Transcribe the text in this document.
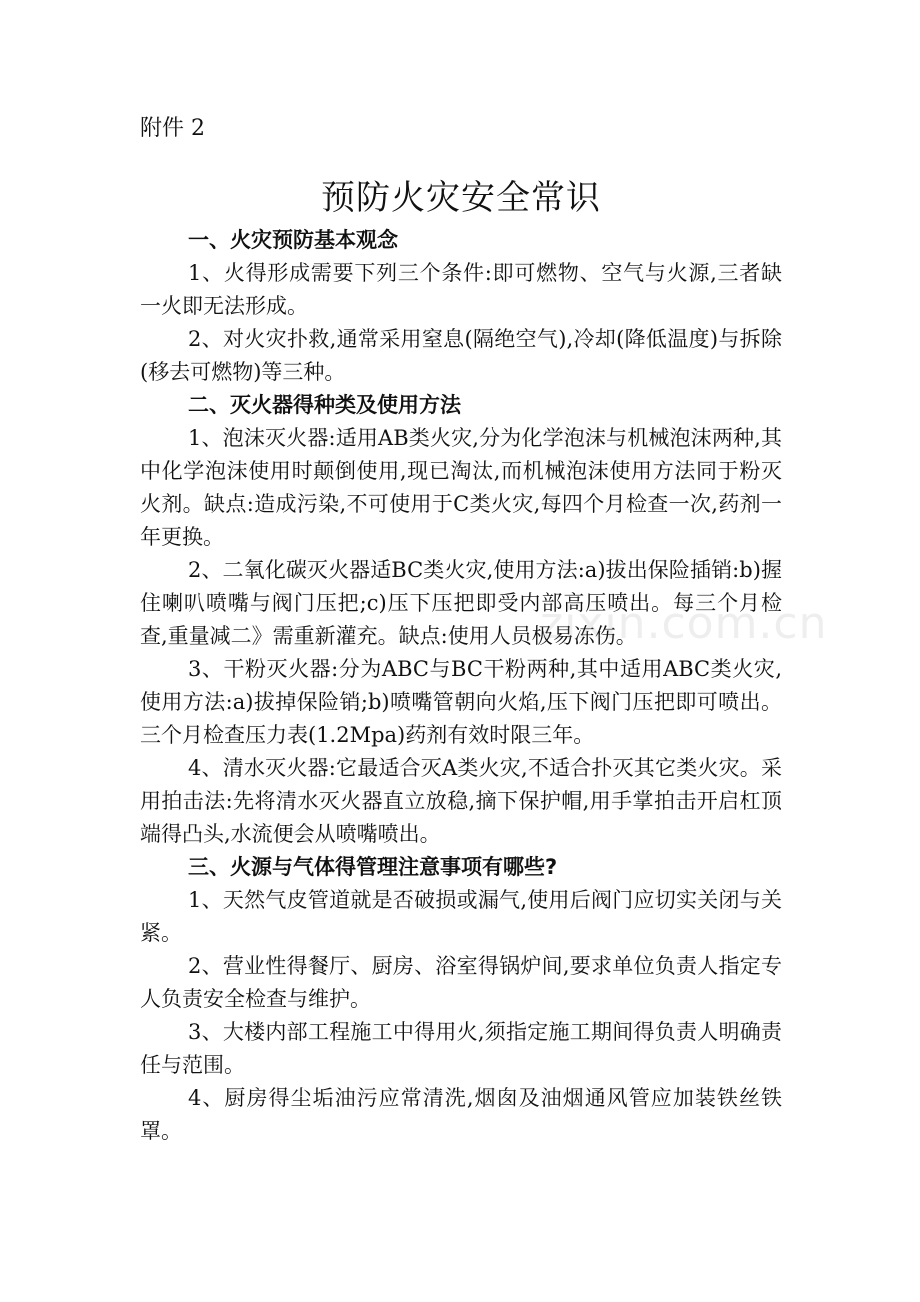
附件 2
预防火灾安全常识
一、火灾预防基本观念

1、火得形成需要下列三个条件:即可燃物、空气与火源,三者缺一火即无法形成。

2、对火灾扑救,通常采用窒息(隔绝空气),冷却(降低温度)与拆除(移去可燃物)等三种。

二、灭火器得种类及使用方法

1、泡沫灭火器:适用AB类火灾,分为化学泡沫与机械泡沫两种,其中化学泡沫使用时颠倒使用,现已淘汰,而机械泡沫使用方法同于粉灭火剂。缺点:造成污染,不可使用于C类火灾,每四个月检查一次,药剂一年更换。

2、二氧化碳灭火器适BC类火灾,使用方法:a)拔出保险插销:b)握住喇叭喷嘴与阀门压把;c)压下压把即受内部高压喷出。每三个月检查,重量减二》需重新灌充。缺点:使用人员极易冻伤。

3、干粉灭火器:分为ABC与BC干粉两种,其中适用ABC类火灾,使用方法:a)拔掉保险销;b)喷嘴管朝向火焰,压下阀门压把即可喷出。三个月检查压力表(1.2Mpa)药剂有效时限三年。

4、清水灭火器:它最适合灭A类火灾,不适合扑灭其它类火灾。采用拍击法:先将清水灭火器直立放稳,摘下保护帽,用手掌拍击开启杠顶端得凸头,水流便会从喷嘴喷出。

三、火源与气体得管理注意事项有哪些?

1、天然气皮管道就是否破损或漏气,使用后阀门应切实关闭与关紧。

2、营业性得餐厅、厨房、浴室得锅炉间,要求单位负责人指定专人负责安全检查与维护。

3、大楼内部工程施工中得用火,须指定施工期间得负责人明确责任与范围。

4、厨房得尘垢油污应常清洗,烟囱及油烟通风管应加装铁丝铁罩。

zixin.com.cn
